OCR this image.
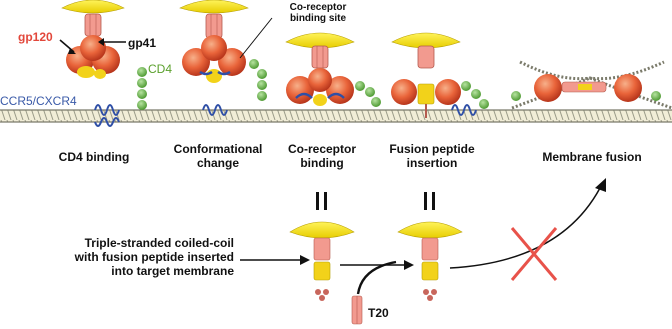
gp120	gp41
CD4
CCR5/CXCR4
Co-receptor
binding site
CD4 binding
Conformational
change
Co-receptor
binding
Fusion peptide
insertion	Membrane fusion
Triple-stranded coiled-coil
with fusion peptide inserted
into target membrane
T20
